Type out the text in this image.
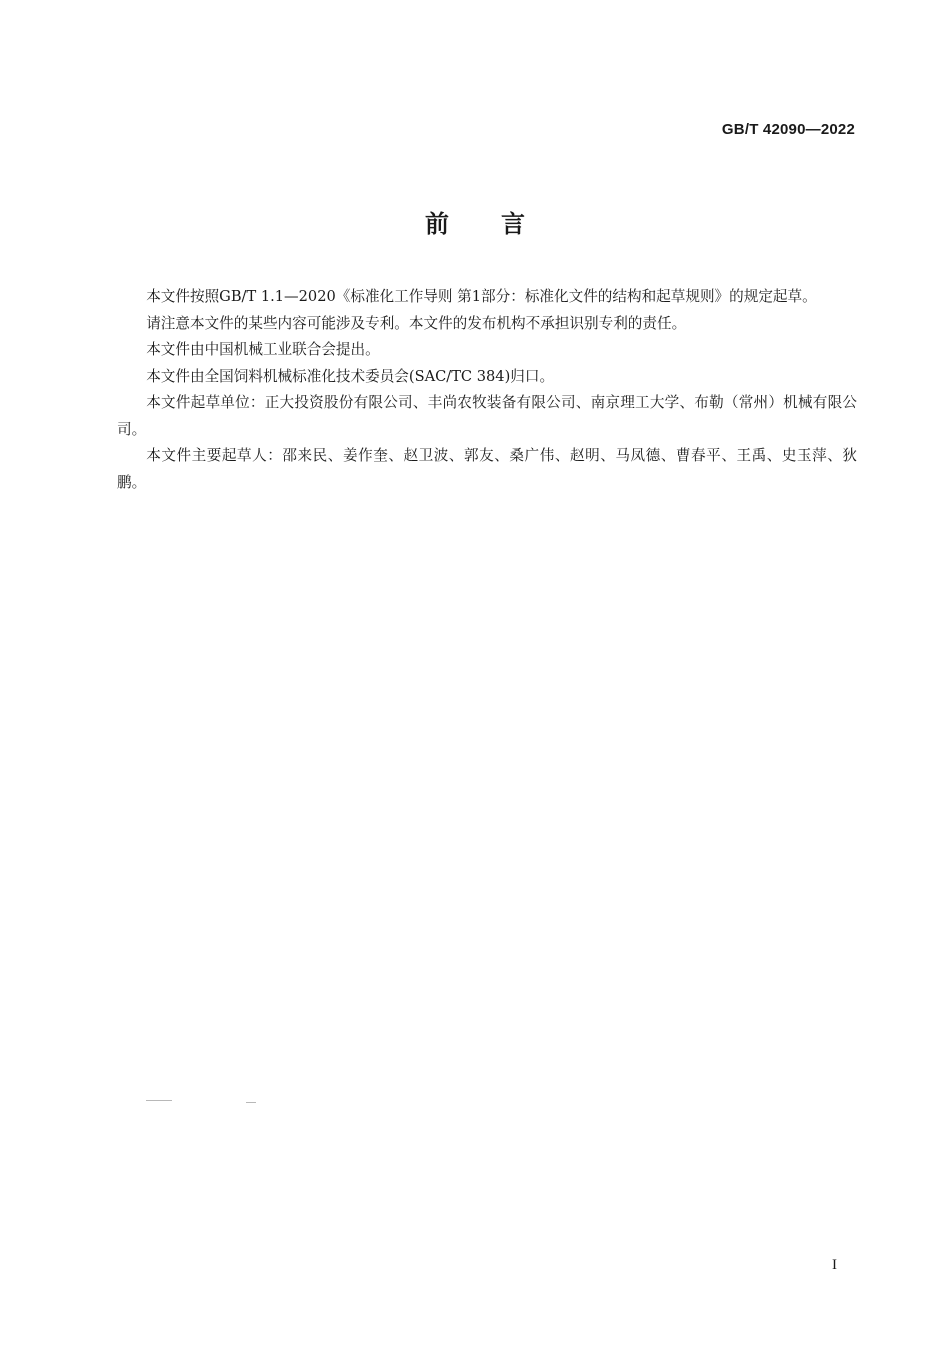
GB/T 42090—2022
前言

本文件按照GB/T 1.1—2020《标准化工作导则 第1部分：标准化文件的结构和起草规则》的规定起草。

请注意本文件的某些内容可能涉及专利。本文件的发布机构不承担识别专利的责任。

本文件由中国机械工业联合会提出。

本文件由全国饲料机械标准化技术委员会(SAC/TC 384)归口。

本文件起草单位：正大投资股份有限公司、丰尚农牧装备有限公司、南京理工大学、布勒（常州）机械有限公司。

本文件主要起草人：邵来民、姜作奎、赵卫波、郭友、桑广伟、赵明、马凤德、曹春平、王禹、史玉萍、狄鹏。

I
